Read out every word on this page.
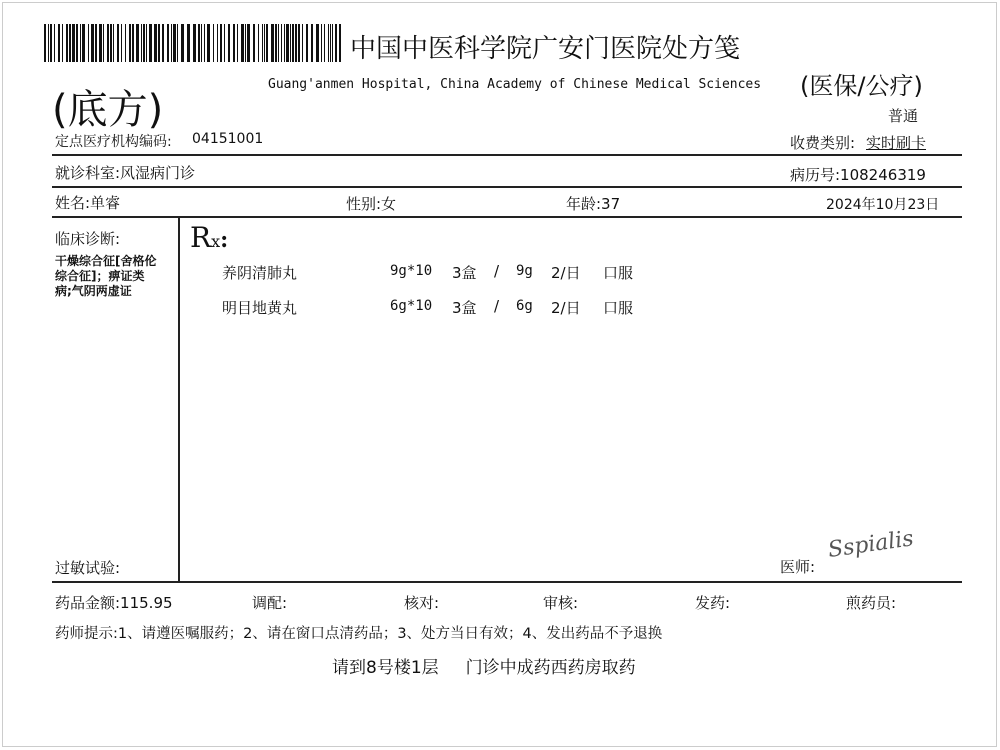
中国中医科学院广安门医院处方笺
Guang'anmen Hospital, China Academy of Chinese Medical Sciences
(底方)
(医保/公疗)
普通
定点医疗机构编码: 04151001	收费类别: 实时刷卡
就诊科室:风湿病门诊	病历号:108246319
姓名:单睿	性别:女	年龄:37	2024年10月23日
临床诊断:
干燥综合征[舍格伦
综合征]；痹证类
病;气阴两虚证
过敏试验:
Rx:
养阴清肺丸	9g*10 3盒 / 9g 2/日 口服
明目地黄丸	6g*10 3盒 / 6g 2/日 口服
医师:
Sspialis
药品金额:115.95	调配:	核对:	审核:	发药:	煎药员:
药师提示:1、请遵医嘱服药；2、请在窗口点清药品；3、处方当日有效；4、发出药品不予退换
请到8号楼1层     门诊中成药西药房取药
